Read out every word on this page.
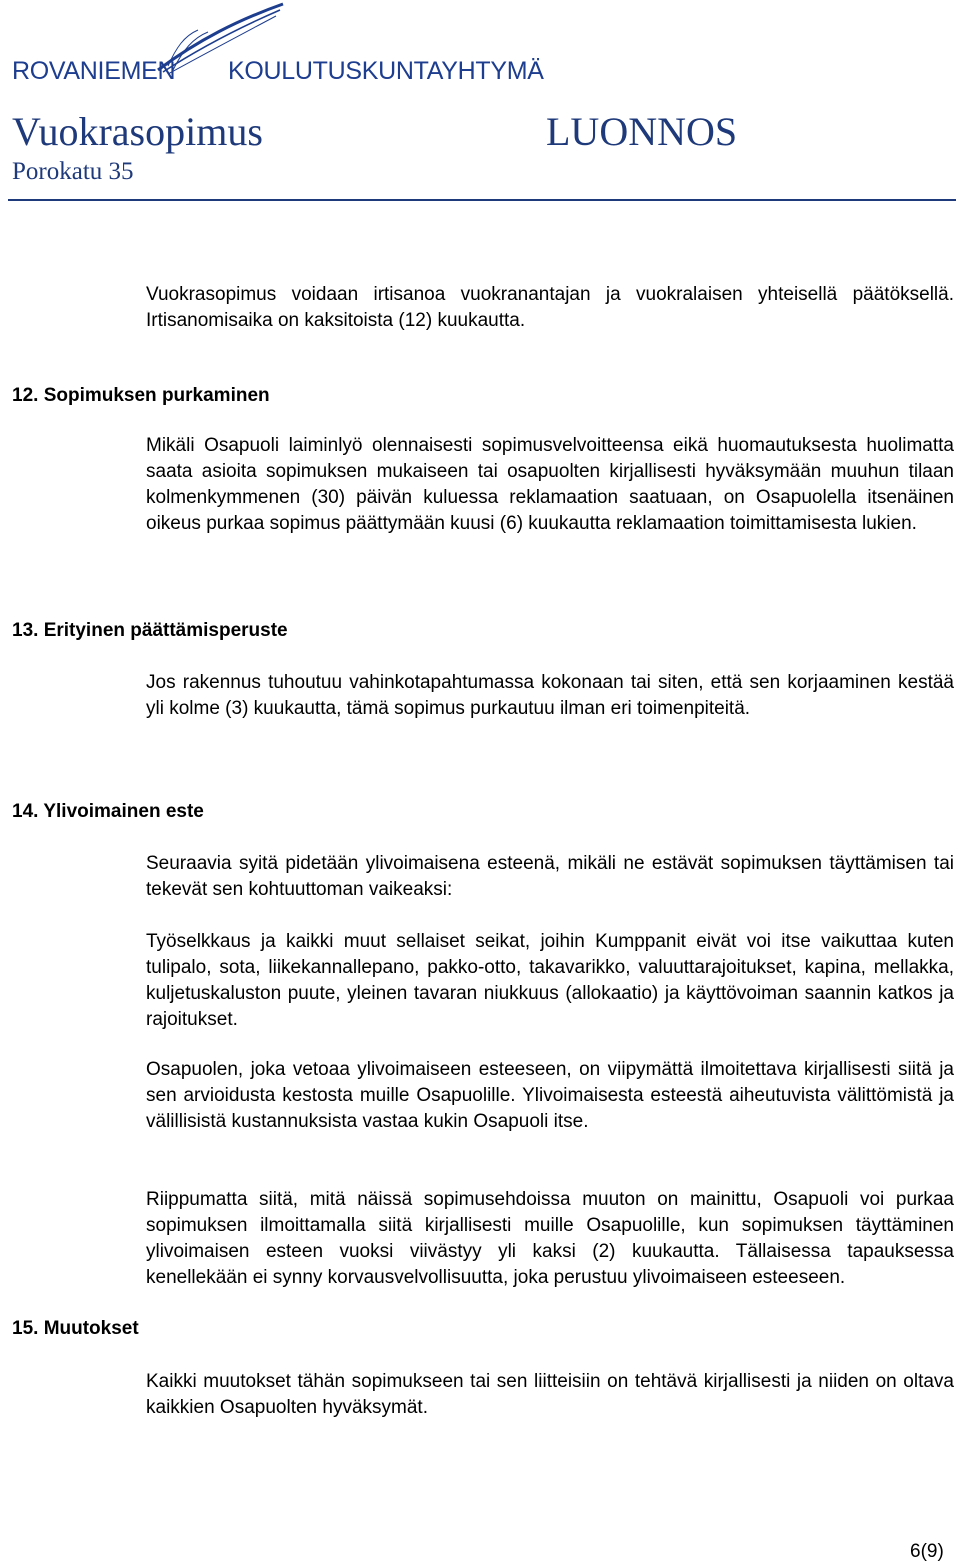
ROVANIEMEN KOULUTUSKUNTAYHTYMÄ
Vuokrasopimus
Porokatu 35
LUONNOS
Vuokrasopimus voidaan irtisanoa vuokranantajan ja vuokralaisen yhteisellä päätöksellä. Irtisanomisaika on kaksitoista (12) kuukautta.
12. Sopimuksen purkaminen
Mikäli Osapuoli laiminlyö olennaisesti sopimusvelvoitteensa eikä huomautuksesta huolimatta saata asioita sopimuksen mukaiseen tai osapuolten kirjallisesti hyväksymään muuhun tilaan kolmenkymmenen (30) päivän kuluessa reklamaation saatuaan, on Osapuolella itsenäinen oikeus purkaa sopimus päättymään kuusi (6) kuukautta reklamaation toimittamisesta lukien.
13. Erityinen päättämisperuste
Jos rakennus tuhoutuu vahinkotapahtumassa kokonaan tai siten, että sen korjaaminen kestää yli kolme (3) kuukautta, tämä sopimus purkautuu ilman eri toimenpiteitä.
14. Ylivoimainen este
Seuraavia syitä pidetään ylivoimaisena esteenä, mikäli ne estävät sopimuksen täyttämisen tai tekevät sen kohtuuttoman vaikeaksi:
Työselkkaus ja kaikki muut sellaiset seikat, joihin Kumppanit eivät voi itse vaikuttaa kuten tulipalo, sota, liikekannallepano, pakko-otto, takavarikko, valuuttarajoitukset, kapina, mellakka, kuljetuskaluston puute, yleinen tavaran niukkuus (allokaatio) ja käyttövoiman saannin katkos ja rajoitukset.
Osapuolen, joka vetoaa ylivoimaiseen esteeseen, on viipymättä ilmoitettava kirjallisesti siitä ja sen arvioidusta kestosta muille Osapuolille. Ylivoimaisesta esteestä aiheutuvista välittömistä ja välillisistä kustannuksista vastaa kukin Osapuoli itse.
Riippumatta siitä, mitä näissä sopimusehdoissa muuton on mainittu, Osapuoli voi purkaa sopimuksen ilmoittamalla siitä kirjallisesti muille Osapuolille, kun sopimuksen täyttäminen ylivoimaisen esteen vuoksi viivästyy yli kaksi (2) kuukautta. Tällaisessa tapauksessa kenellekään ei synny korvausvelvollisuutta, joka perustuu ylivoimaiseen esteeseen.
15. Muutokset
Kaikki muutokset tähän sopimukseen tai sen liitteisiin on tehtävä kirjallisesti ja niiden on oltava kaikkien Osapuolten hyväksymät.
6(9)
